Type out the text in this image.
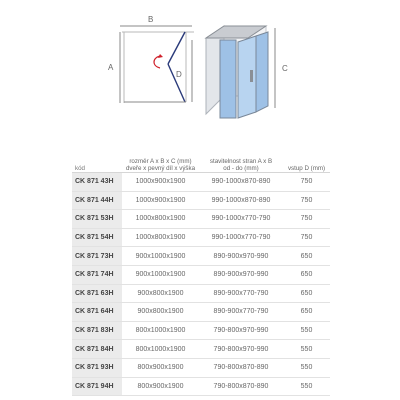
B
A
D
C
kód
rozměr A x B x C (mm)
dveře x pevný díl x výška
stavitelnost stran A x B
od - do (mm)	vstup D (mm)
CK 871 43H	1000x900x1900	990-1000x870-890	750
CK 871 44H	1000x900x1900	990-1000x870-890	750
CK 871 53H	1000x800x1900	990-1000x770-790	750
CK 871 54H	1000x800x1900	990-1000x770-790	750
CK 871 73H	900x1000x1900	890-900x970-990	650
CK 871 74H	900x1000x1900	890-900x970-990	650
CK 871 63H	900x800x1900	890-900x770-790	650
CK 871 64H	900x800x1900	890-900x770-790	650
CK 871 83H	800x1000x1900	790-800x970-990	550
CK 871 84H	800x1000x1900	790-800x970-990	550
CK 871 93H	800x900x1900	790-800x870-890	550
CK 871 94H	800x900x1900	790-800x870-890	550
